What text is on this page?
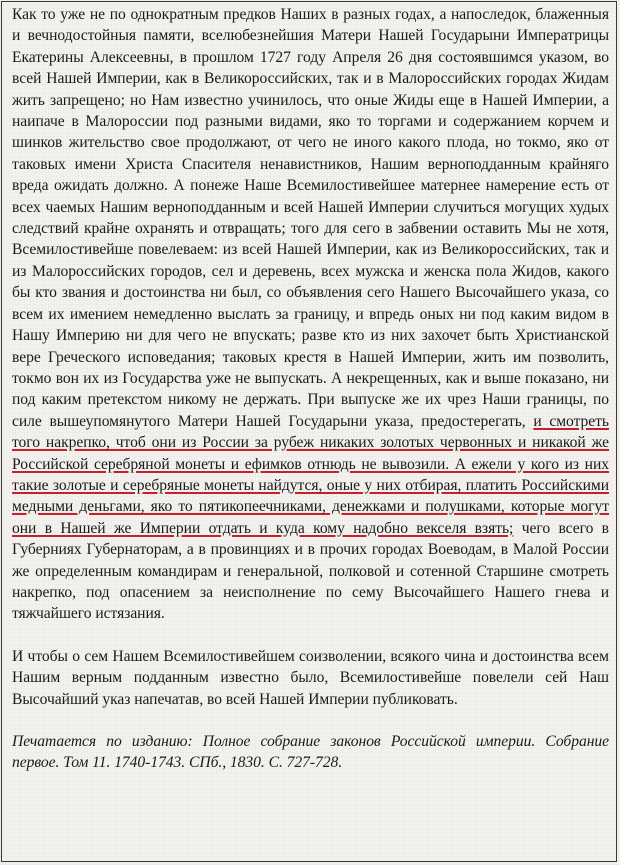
Как то уже не по однократным предков Наших в разных годах, а напоследок, блаженныя и вечнодостойныя памяти, вселюбезнейшия Матери Нашей Государыни Императрицы Екатерины Алексеевны, в прошлом 1727 году Апреля 26 дня состоявшимся указом, во всей Нашей Империи, как в Великороссийских, так и в Малороссийских городах Жидам жить запрещено; но Нам известно учинилось, что оные Жиды еще в Нашей Империи, а наипаче в Малороссии под разными видами, яко то торгами и содержанием корчем и шинков жительство свое продолжают, от чего не иного какого плода, но токмо, яко от таковых имени Христа Спасителя ненавистников, Нашим верноподданным крайняго вреда ожидать должно. А понеже Наше Всемилостивейшее матернее намерение есть от всех чаемых Нашим верноподданным и всей Нашей Империи случиться могущих худых следствий крайне охранять и отвращать; того для сего в забвении оставить Мы не хотя, Всемилостивейше повелеваем: из всей Нашей Империи, как из Великороссийских, так и из Малороссийских городов, сел и деревень, всех мужска и женска пола Жидов, какого бы кто звания и достоинства ни был, со объявления сего Нашего Высочайшего указа, со всем их имением немедленно выслать за границу, и впредь оных ни под каким видом в Нашу Империю ни для чего не впускать; разве кто из них захочет быть Христианской вере Греческого исповедания; таковых крестя в Нашей Империи, жить им позволить, токмо вон их из Государства уже не выпускать. А некрещенных, как и выше показано, ни под каким претекстом никому не держать. При выпуске же их чрез Наши границы, по силе вышеупомянутого Матери Нашей Государыни указа, предостерегать, и смотреть того накрепко, чтоб они из России за рубеж никаких золотых червонных и никакой же Российской серебряной монеты и ефимков отнюдь не вывозили. А ежели у кого из них такие золотые и серебряные монеты найдутся, оные у них отбирая, платить Российскими медными деньгами, яко то пятикопеечниками, денежками и полушками, которые могут они в Нашей же Империи отдать и куда кому надобно векселя взять; чего всего в Губерниях Губернаторам, а в провинциях и в прочих городах Воеводам, в Малой России же определенным командирам и генеральной, полковой и сотенной Старшине смотреть накрепко, под опасением за неисполнение по сему Высочайшего Нашего гнева и тяжчайшего истязания.

И чтобы о сем Нашем Всемилостивейшем соизволении, всякого чина и достоинства всем Нашим верным подданным известно было, Всемилостивейше повелели сей Наш Высочайший указ напечатав, во всей Нашей Империи публиковать.

Печатается по изданию: Полное собрание законов Российской империи. Собрание первое. Том 11. 1740-1743. СПб., 1830. С. 727-728.
